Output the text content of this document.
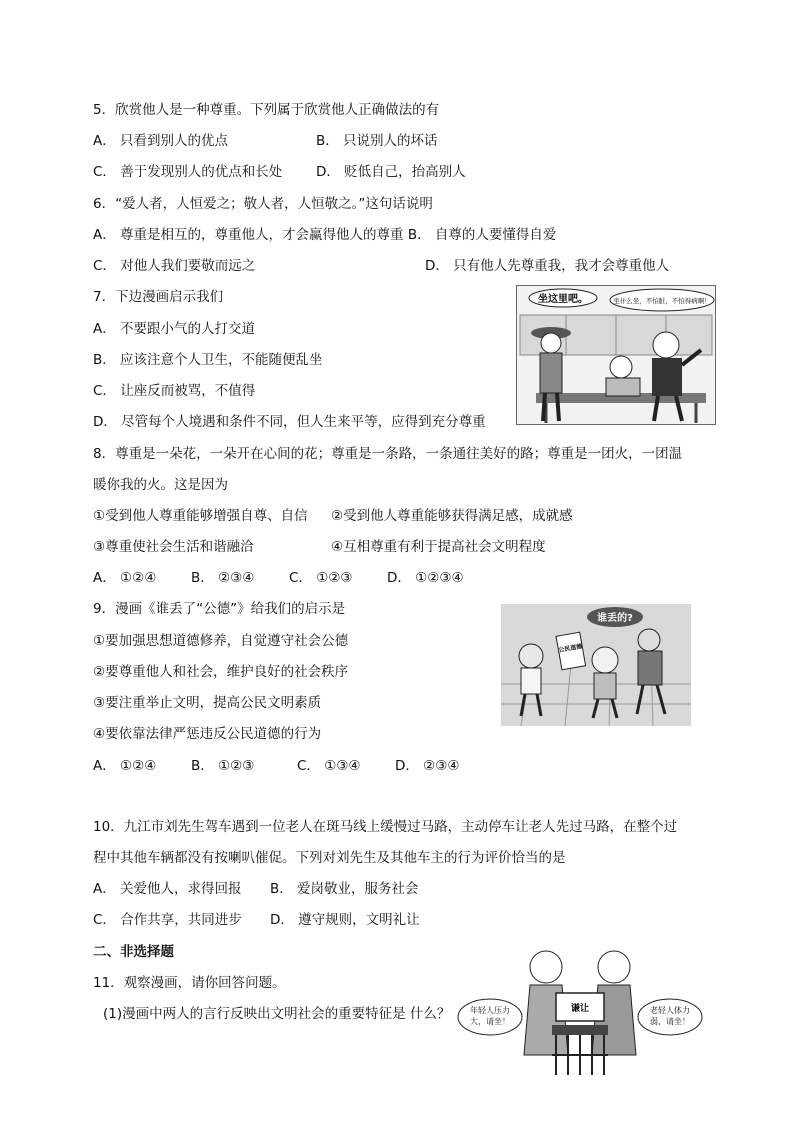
5．欣赏他人是一种尊重。下列属于欣赏他人正确做法的有
A． 只看到别人的优点	B． 只说别人的坏话
C． 善于发现别人的优点和长处	D． 贬低自己，抬高别人
6．“爱人者，人恒爱之；敬人者，人恒敬之。”这句话说明
A． 尊重是相互的，尊重他人，才会赢得他人的尊重 B． 自尊的人要懂得自爱
C． 对他人我们要敬而远之	D． 只有他人先尊重我，我才会尊重他人
7．下边漫画启示我们
A． 不要跟小气的人打交道
B． 应该注意个人卫生，不能随便乱坐
C． 让座反而被骂，不值得
D． 尽管每个人境遇和条件不同，但人生来平等，应得到充分尊重
坐这里吧。	坐什么坐，不怕脏，不怕得病啊！
8．尊重是一朵花，一朵开在心间的花；尊重是一条路，一条通往美好的路；尊重是一团火，一团温
暖你我的火。这是因为
①受到他人尊重能够增强自尊、自信 ②受到他人尊重能够获得满足感，成就感
③尊重使社会生活和谐融洽	④互相尊重有利于提高社会文明程度
A． ①②④	B． ②③④	C． ①②③	D． ①②③④
9．漫画《谁丢了“公德”》给我们的启示是
①要加强思想道德修养，自觉遵守社会公德
②要尊重他人和社会，维护良好的社会秩序
③要注重举止文明，提高公民文明素质
④要依靠法律严惩违反公民道德的行为
A． ①②④	B． ①②③	C． ①③④	D． ②③④
谁丢的?
公民道德
10．九江市刘先生驾车遇到一位老人在斑马线上缓慢过马路，主动停车让老人先过马路，在整个过
程中其他车辆都没有按喇叭催促。下列对刘先生及其他车主的行为评价恰当的是
A． 关爱他人，求得回报 B． 爱岗敬业，服务社会
C． 合作共享，共同进步 D． 遵守规则，文明礼让
二、非选择题
11．观察漫画，请你回答问题。
(1)漫画中两人的言行反映出文明社会的重要特征是 什么？	谦让
年轻人压力大，请坐！
老轻人体力弱，请坐！
